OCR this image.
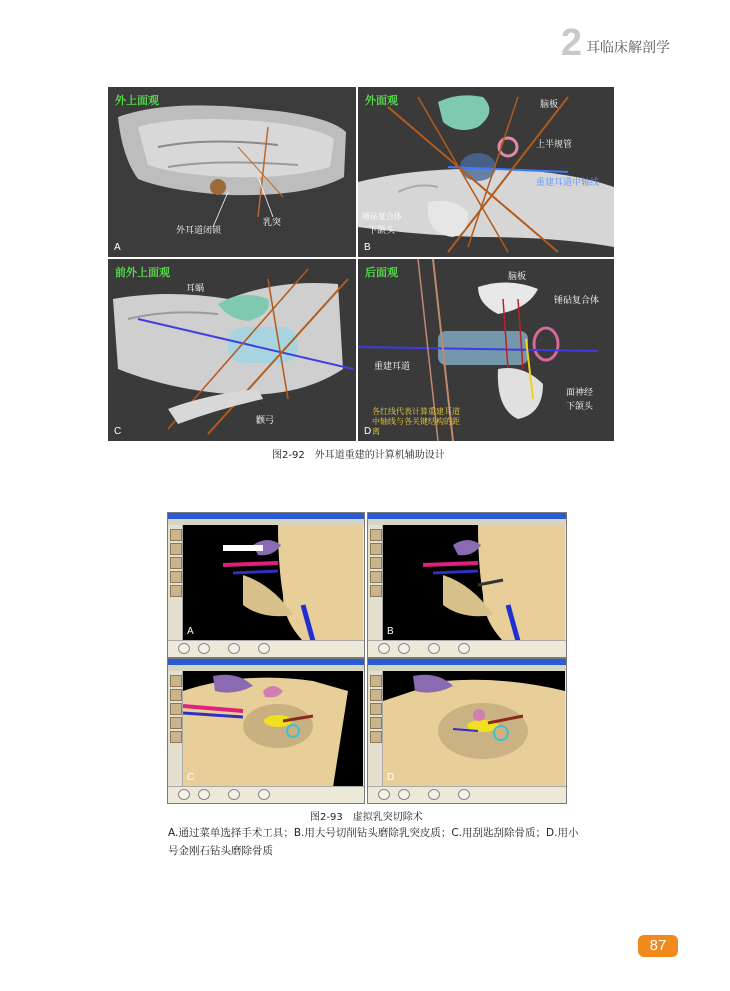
2 耳临床解剖学
外上面观
外耳道闭锁
乳突
A
外面观	脑板
上半规管
重建耳道中轴线
锤砧复合体
下颌头
B
前外上面观
耳蜗
颧弓
C
后面观	脑板
锤砧复合体
重建耳道
面神经
下颌头
各红线代表计算重建耳道中轴线与各关键结构的距离
D
图2-92　外耳道重建的计算机辅助设计
A	B
C	D
图2-93　虚拟乳突切除术
A.通过菜单选择手术工具；B.用大号切削钻头磨除乳突皮质；C.用刮匙刮除骨质；D.用小号金刚石钻头磨除骨质
87
